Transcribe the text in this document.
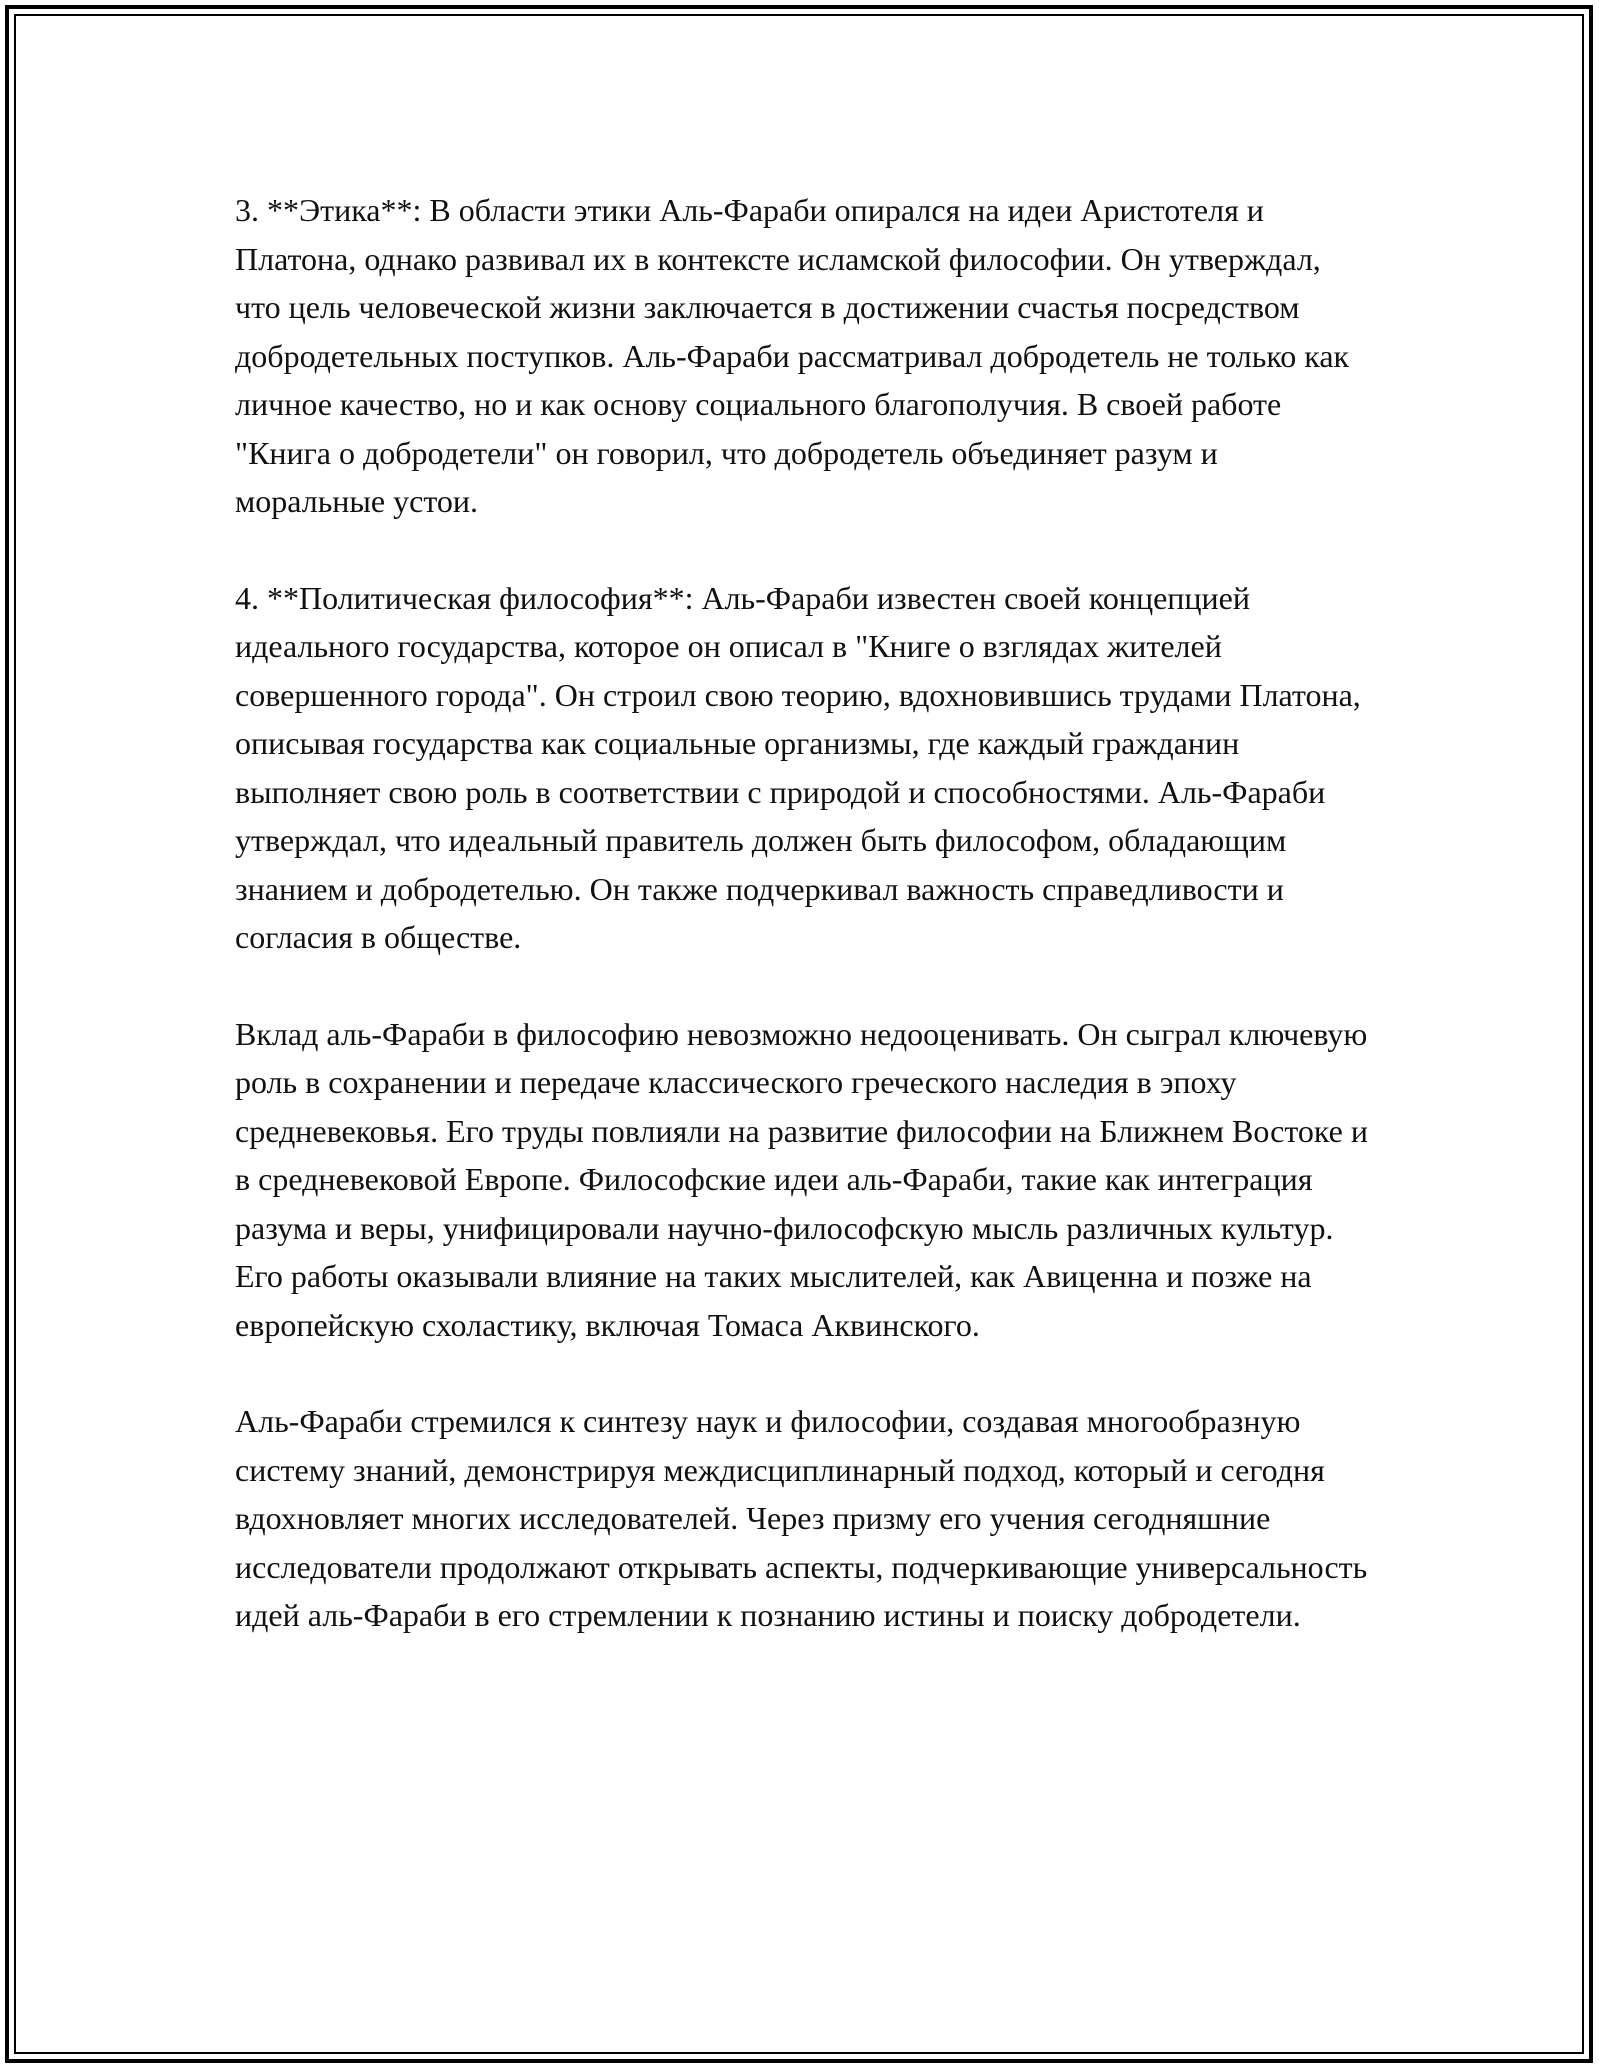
3. **Этика**: В области этики Аль-Фараби опирался на идеи Аристотеля и Платона, однако развивал их в контексте исламской философии. Он утверждал, что цель человеческой жизни заключается в достижении счастья посредством добродетельных поступков. Аль-Фараби рассматривал добродетель не только как личное качество, но и как основу социального благополучия. В своей работе "Книга о добродетели" он говорил, что добродетель объединяет разум и моральные устои.

4. **Политическая философия**: Аль-Фараби известен своей концепцией идеального государства, которое он описал в "Книге о взглядах жителей совершенного города". Он строил свою теорию, вдохновившись трудами Платона, описывая государства как социальные организмы, где каждый гражданин выполняет свою роль в соответствии с природой и способностями. Аль-Фараби утверждал, что идеальный правитель должен быть философом, обладающим знанием и добродетелью. Он также подчеркивал важность справедливости и согласия в обществе.

Вклад аль-Фараби в философию невозможно недооценивать. Он сыграл ключевую роль в сохранении и передаче классического греческого наследия в эпоху средневековья. Его труды повлияли на развитие философии на Ближнем Востоке и в средневековой Европе. Философские идеи аль-Фараби, такие как интеграция разума и веры, унифицировали научно-философскую мысль различных культур. Его работы оказывали влияние на таких мыслителей, как Авиценна и позже на европейскую схоластику, включая Томаса Аквинского.

Аль-Фараби стремился к синтезу наук и философии, создавая многообразную систему знаний, демонстрируя междисциплинарный подход, который и сегодня вдохновляет многих исследователей. Через призму его учения сегодняшние исследователи продолжают открывать аспекты, подчеркивающие универсальность идей аль-Фараби в его стремлении к познанию истины и поиску добродетели.
